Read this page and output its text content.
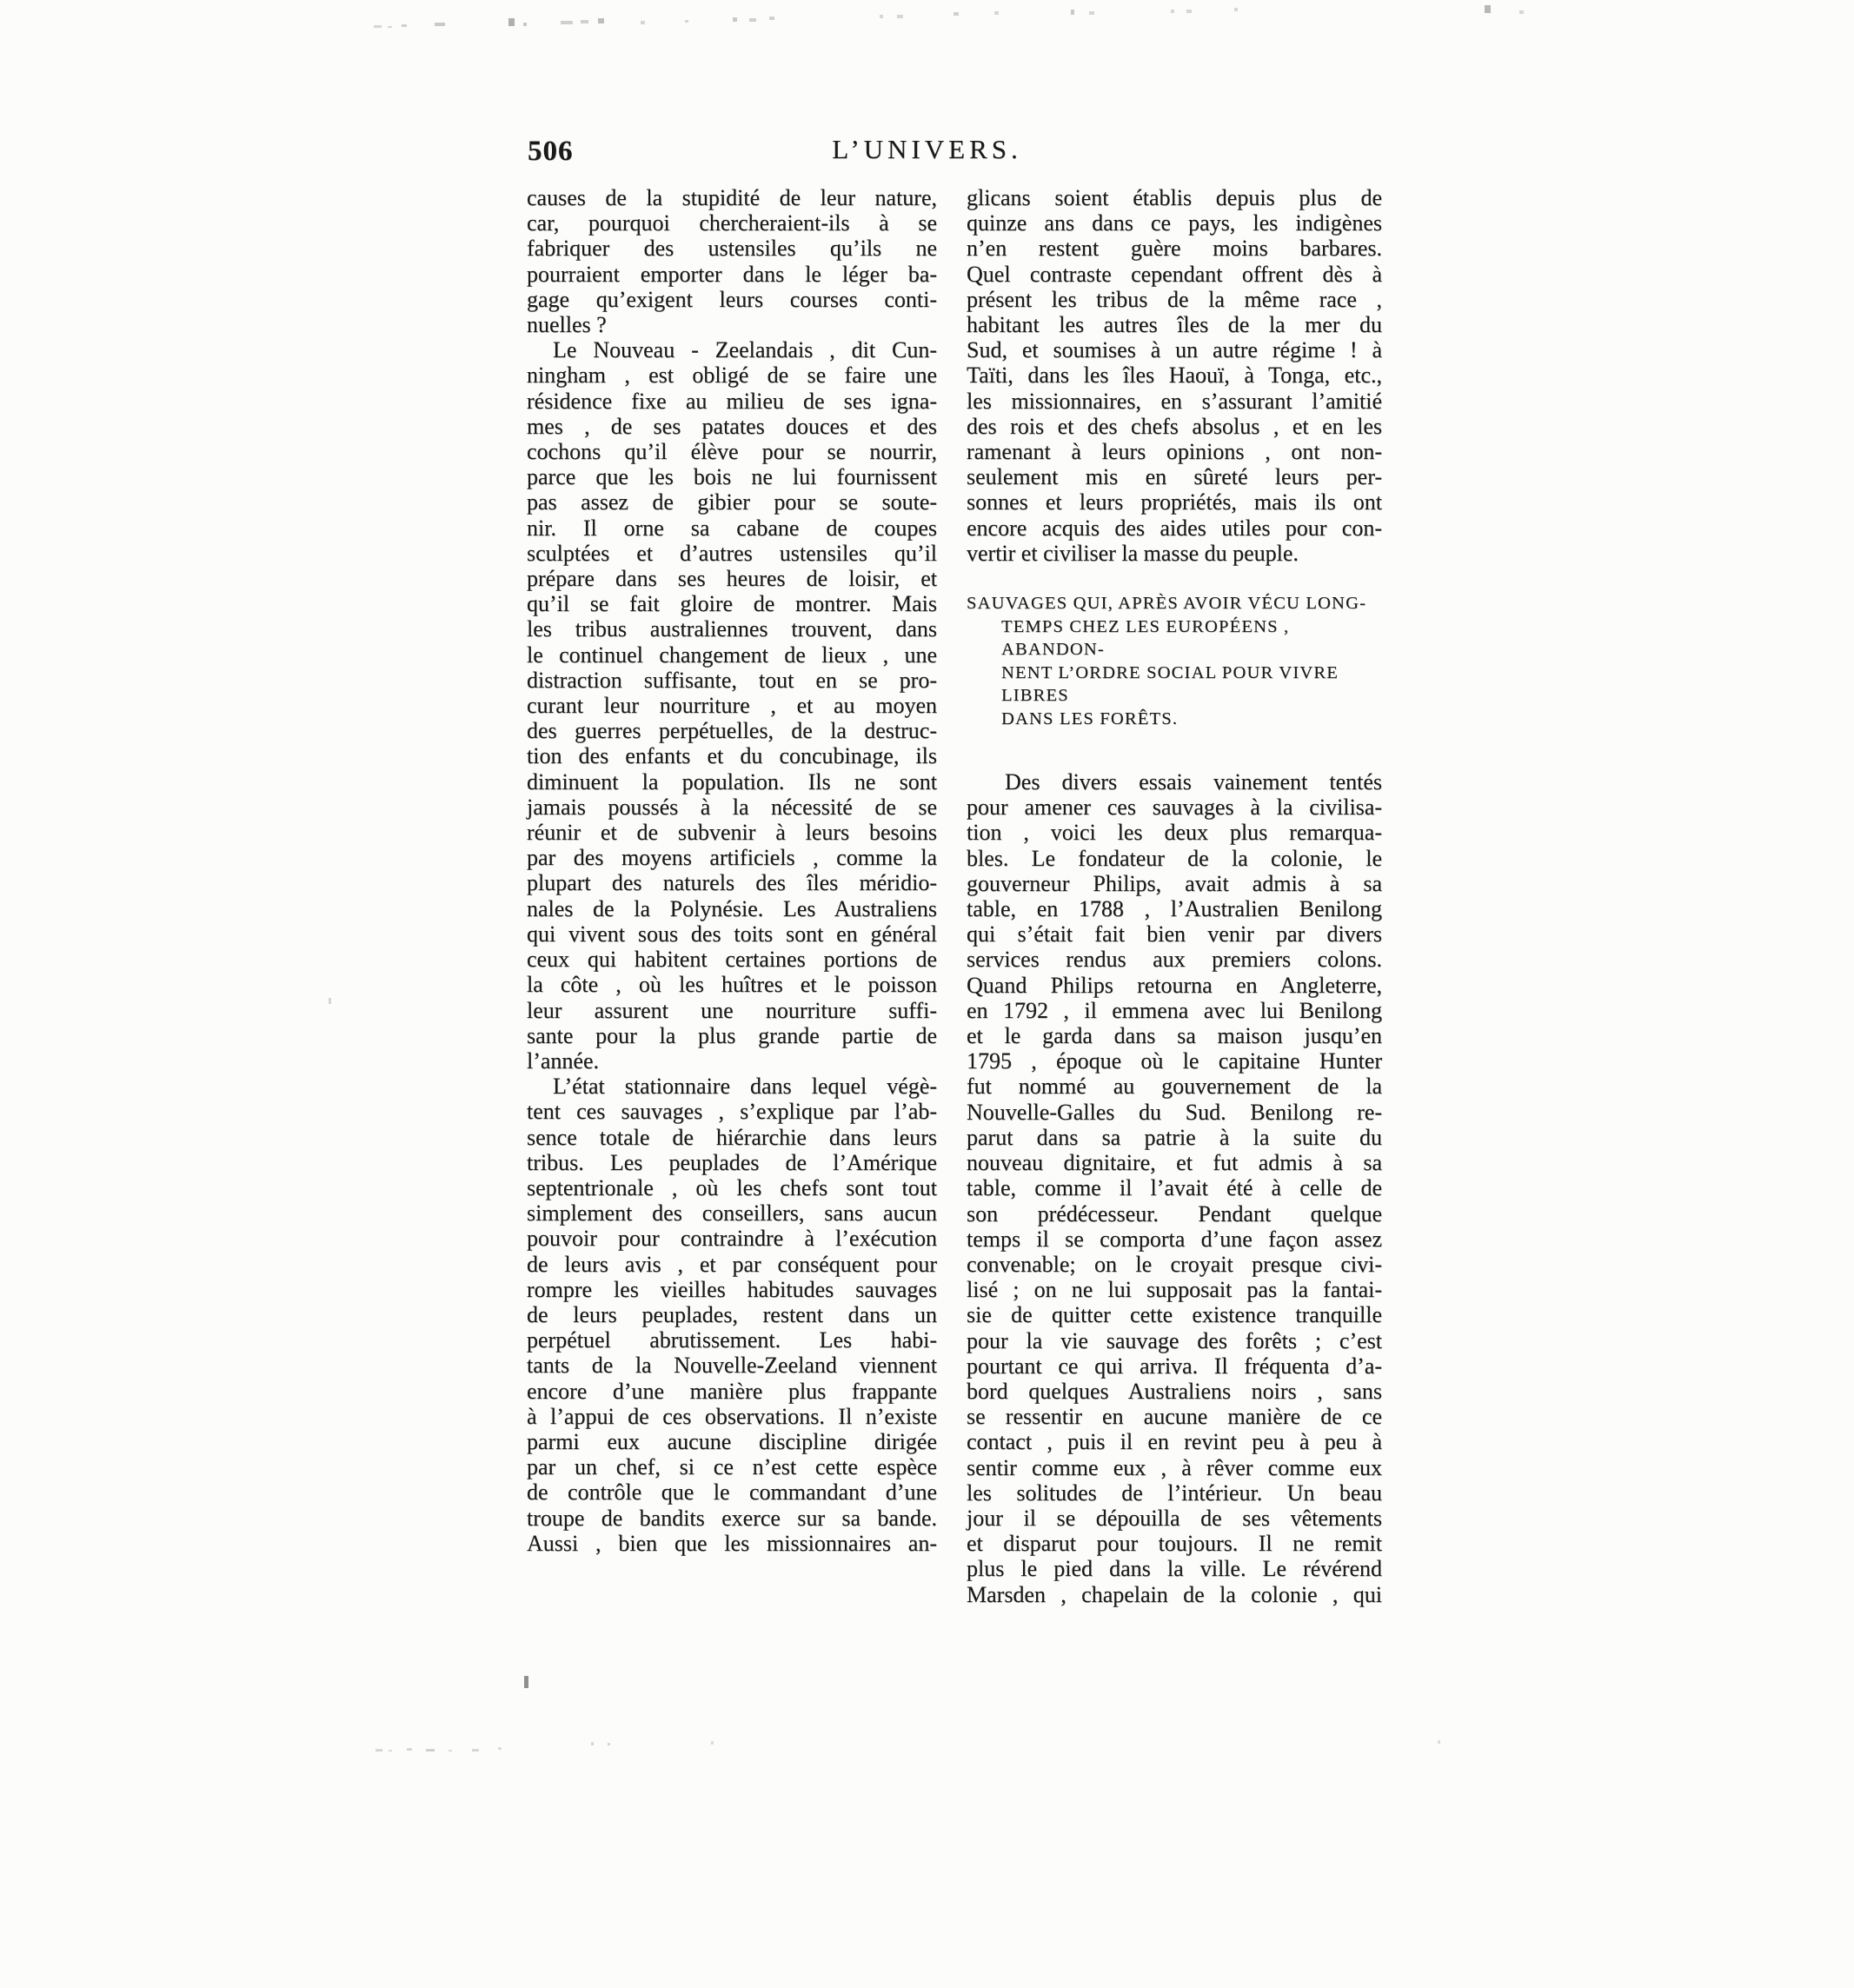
506	L’UNIVERS.
causes de la stupidité de leur nature,
car, pourquoi chercheraient-ils à se
fabriquer des ustensiles qu’ils ne
pourraient emporter dans le léger ba-
gage qu’exigent leurs courses conti-
nuelles ?
Le Nouveau - Zeelandais , dit Cun-
ningham , est obligé de se faire une
résidence fixe au milieu de ses igna-
mes , de ses patates douces et des
cochons qu’il élève pour se nourrir,
parce que les bois ne lui fournissent
pas assez de gibier pour se soute-
nir. Il orne sa cabane de coupes
sculptées et d’autres ustensiles qu’il
prépare dans ses heures de loisir, et
qu’il se fait gloire de montrer. Mais
les tribus australiennes trouvent, dans
le continuel changement de lieux , une
distraction suffisante, tout en se pro-
curant leur nourriture , et au moyen
des guerres perpétuelles, de la destruc-
tion des enfants et du concubinage, ils
diminuent la population. Ils ne sont
jamais poussés à la nécessité de se
réunir et de subvenir à leurs besoins
par des moyens artificiels , comme la
plupart des naturels des îles méridio-
nales de la Polynésie. Les Australiens
qui vivent sous des toits sont en général
ceux qui habitent certaines portions de
la côte , où les huîtres et le poisson
leur assurent une nourriture suffi-
sante pour la plus grande partie de
l’année.
L’état stationnaire dans lequel végè-
tent ces sauvages , s’explique par l’ab-
sence totale de hiérarchie dans leurs
tribus. Les peuplades de l’Amérique
septentrionale , où les chefs sont tout
simplement des conseillers, sans aucun
pouvoir pour contraindre à l’exécution
de leurs avis , et par conséquent pour
rompre les vieilles habitudes sauvages
de leurs peuplades, restent dans un
perpétuel abrutissement. Les habi-
tants de la Nouvelle-Zeeland viennent
encore d’une manière plus frappante
à l’appui de ces observations. Il n’existe
parmi eux aucune discipline dirigée
par un chef, si ce n’est cette espèce
de contrôle que le commandant d’une
troupe de bandits exerce sur sa bande.
Aussi , bien que les missionnaires an-
glicans soient établis depuis plus de
quinze ans dans ce pays, les indigènes
n’en restent guère moins barbares.
Quel contraste cependant offrent dès à
présent les tribus de la même race ,
habitant les autres îles de la mer du
Sud, et soumises à un autre régime ! à
Taïti, dans les îles Haouï, à Tonga, etc.,
les missionnaires, en s’assurant l’amitié
des rois et des chefs absolus , et en les
ramenant à leurs opinions , ont non-
seulement mis en sûreté leurs per-
sonnes et leurs propriétés, mais ils ont
encore acquis des aides utiles pour con-
vertir et civiliser la masse du peuple.
SAUVAGES QUI, APRÈS AVOIR VÉCU LONG-
TEMPS CHEZ LES EUROPÉENS , ABANDON-
NENT L’ORDRE SOCIAL POUR VIVRE LIBRES
DANS LES FORÊTS.
Des divers essais vainement tentés
pour amener ces sauvages à la civilisa-
tion , voici les deux plus remarqua-
bles. Le fondateur de la colonie, le
gouverneur Philips, avait admis à sa
table, en 1788 , l’Australien Benilong
qui s’était fait bien venir par divers
services rendus aux premiers colons.
Quand Philips retourna en Angleterre,
en 1792 , il emmena avec lui Benilong
et le garda dans sa maison jusqu’en
1795 , époque où le capitaine Hunter
fut nommé au gouvernement de la
Nouvelle-Galles du Sud. Benilong re-
parut dans sa patrie à la suite du
nouveau dignitaire, et fut admis à sa
table, comme il l’avait été à celle de
son prédécesseur. Pendant quelque
temps il se comporta d’une façon assez
convenable; on le croyait presque civi-
lisé ; on ne lui supposait pas la fantai-
sie de quitter cette existence tranquille
pour la vie sauvage des forêts ; c’est
pourtant ce qui arriva. Il fréquenta d’a-
bord quelques Australiens noirs , sans
se ressentir en aucune manière de ce
contact , puis il en revint peu à peu à
sentir comme eux , à rêver comme eux
les solitudes de l’intérieur. Un beau
jour il se dépouilla de ses vêtements
et disparut pour toujours. Il ne remit
plus le pied dans la ville. Le révérend
Marsden , chapelain de la colonie , qui
